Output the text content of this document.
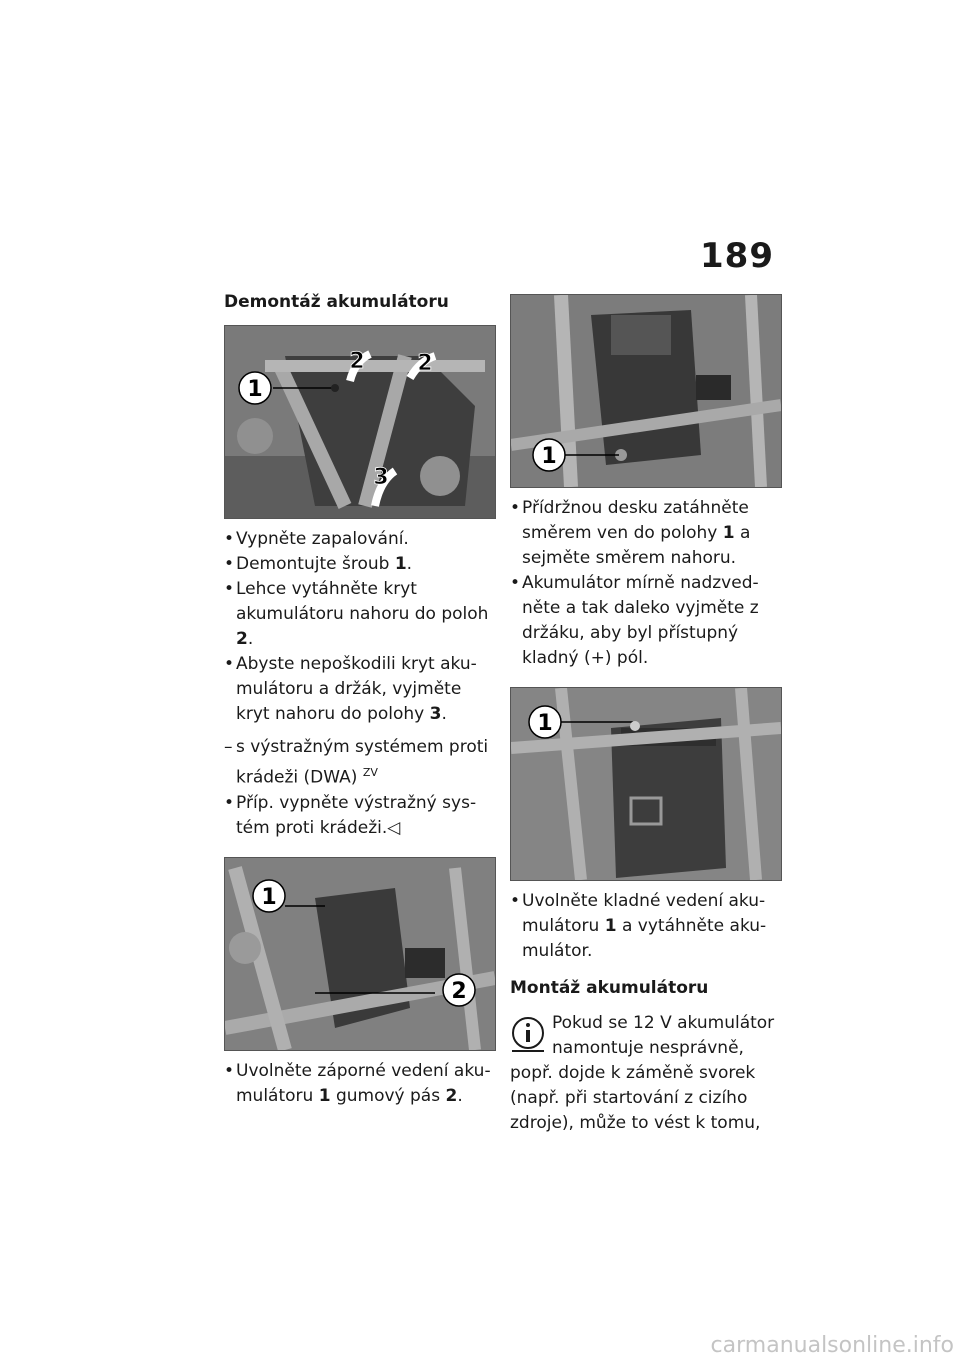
189
Demontáž akumulátoru
1
2 2
3
• Vypněte zapalování.
• Demontujte šroub 1.
• Lehce vytáhněte kryt akumulátoru nahoru do poloh 2.
• Abyste nepoškodili kryt akumulátoru a držák, vyjměte kryt nahoru do polohy 3.
– s výstražným systémem proti krádeži (DWA) $^{ZV}$
• Příp. vypněte výstražný systém proti krádeži.◁
1
2
• Uvolněte záporné vedení akumulátoru 1 gumový pás 2.
1
• Přídržnou desku zatáhněte směrem ven do polohy 1 a sejměte směrem nahoru.
• Akumulátor mírně nadzvedněte a tak daleko vyjměte z držáku, aby byl přístupný kladný (+) pól.
1
• Uvolněte kladné vedení akumulátoru 1 a vytáhněte akumulátor.
Montáž akumulátoru
Pokud se 12 V akumulátor namontuje nesprávně, popř. dojde k záměně svorek (např. při startování z cizího zdroje), může to vést k tomu,
carmanualsonline.info
